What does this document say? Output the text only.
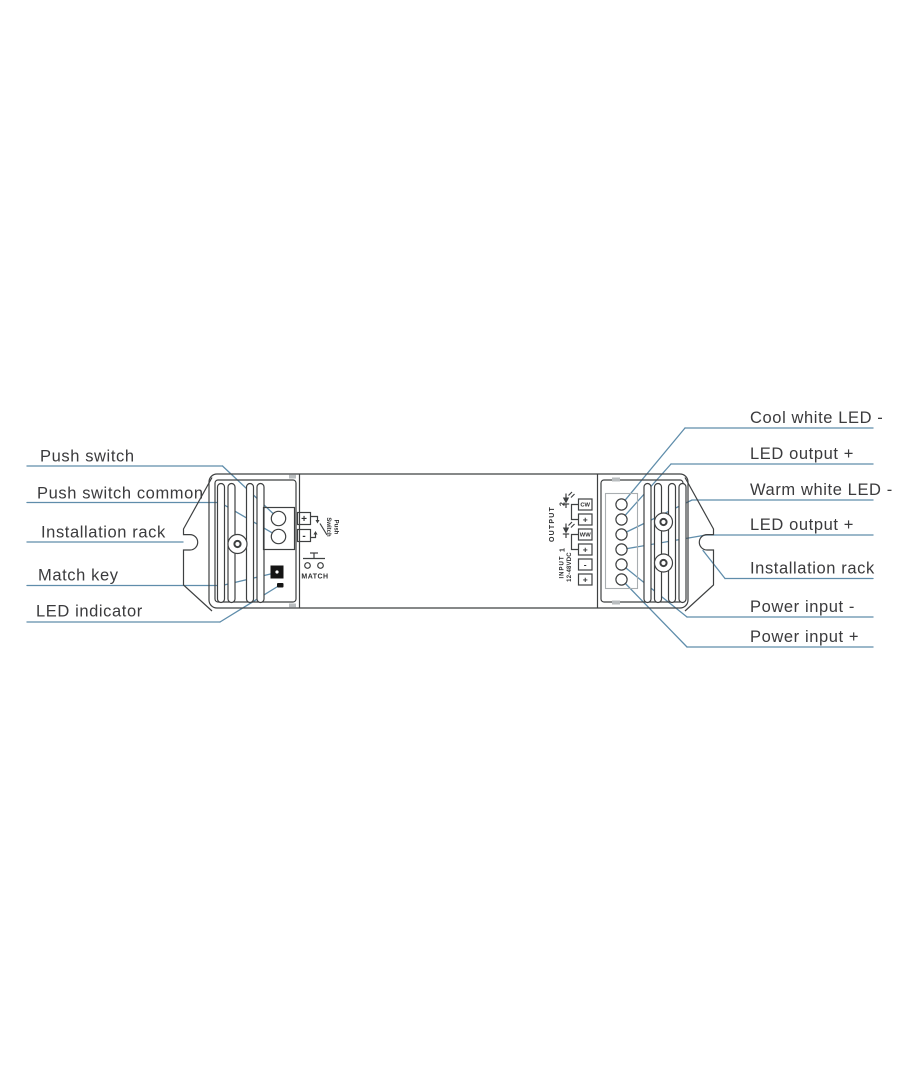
Push switch
Push switch common
Installation rack
Match key
LED indicator
Cool white LED -
LED output +
Warm white LED -
LED output +
Installation rack
Power input -
Power input +
+
-
Push
Switch
MATCH
CW
+
WW
+
-
+
OUTPUT
2
1
INPUT 12-48VDC
